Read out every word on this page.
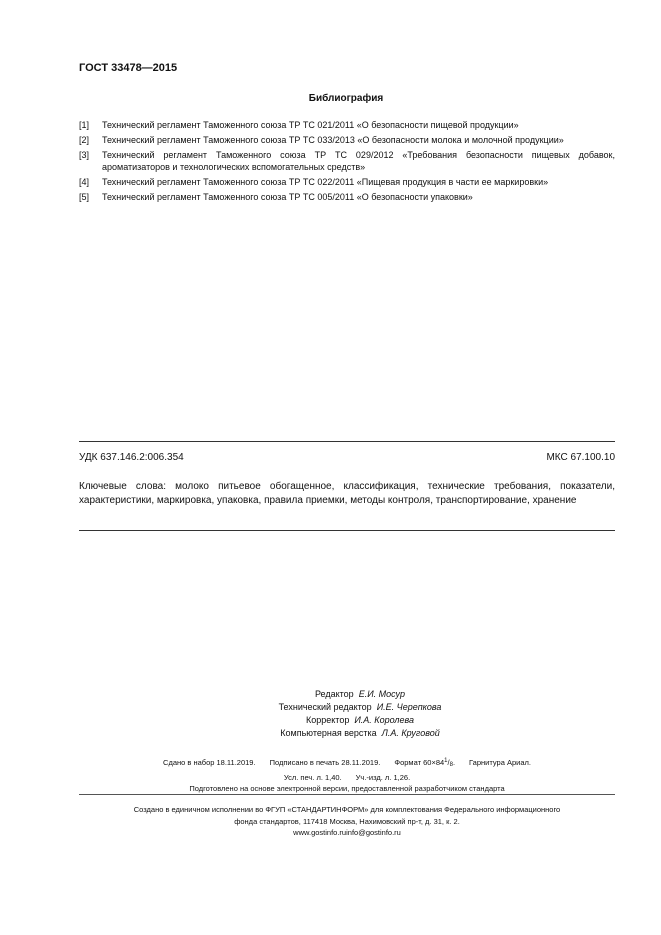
ГОСТ 33478—2015
Библиография
[1]	Технический регламент Таможенного союза ТР ТС 021/2011 «О безопасности пищевой продукции»
[2]	Технический регламент Таможенного союза ТР ТС 033/2013 «О безопасности молока и молочной продукции»
[3]	Технический регламент Таможенного союза ТР ТС 029/2012 «Требования безопасности пищевых добавок, ароматизаторов и технологических вспомогательных средств»
[4]	Технический регламент Таможенного союза ТР ТС 022/2011 «Пищевая продукция в части ее маркировки»
[5]	Технический регламент Таможенного союза ТР ТС 005/2011 «О безопасности упаковки»
УДК 637.146.2:006.354	МКС 67.100.10
Ключевые слова: молоко питьевое обогащенное, классификация, технические требования, показатели, характеристики, маркировка, упаковка, правила приемки, методы контроля, транспортирование, хранение
Редактор Е.И. Мосур
Технический редактор И.Е. Черепкова
Корректор И.А. Королева
Компьютерная верстка Л.А. Круговой
Сдано в набор 18.11.2019. Подписано в печать 28.11.2019. Формат $60\times 84^1/_8$. Гарнитура Ариал.
Усл. печ. л. 1,40. Уч.-изд. л. 1,26.
Подготовлено на основе электронной версии, предоставленной разработчиком стандарта
Создано в единичном исполнении во ФГУП «СТАНДАРТИНФОРМ» для комплектования Федерального информационного
фонда стандартов, 117418 Москва, Нахимовский пр-т, д. 31, к. 2.
www.gostinfo.ruinfo@gostinfo.ru
